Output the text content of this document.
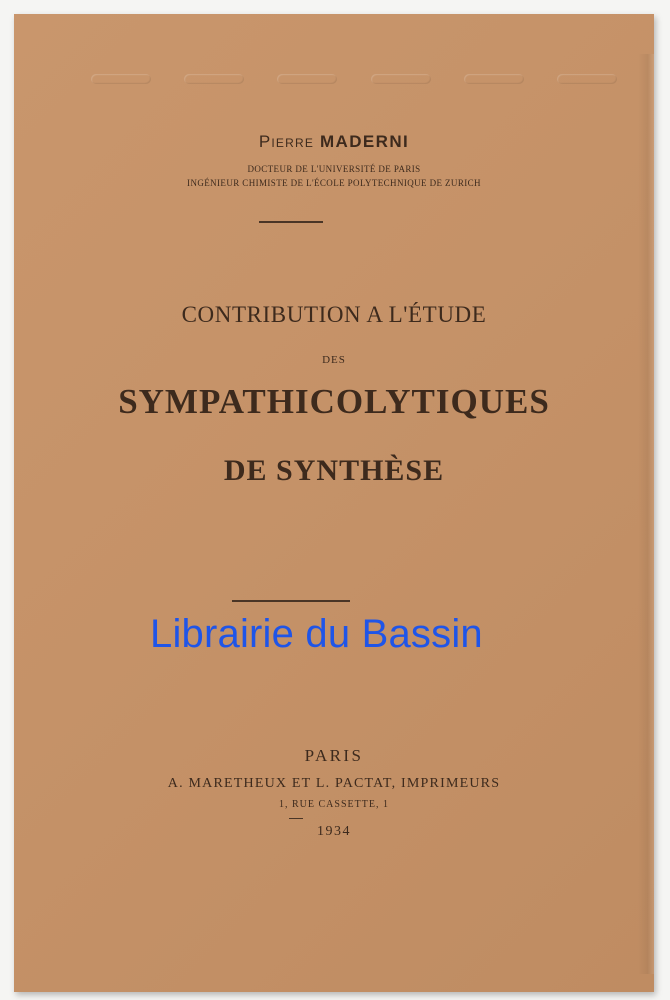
Pierre MADERNI
DOCTEUR DE L'UNIVERSITÉ DE PARIS
INGÉNIEUR CHIMISTE DE L'ÉCOLE POLYTECHNIQUE DE ZURICH
CONTRIBUTION A L'ÉTUDE
DES
SYMPATHICOLYTIQUES
DE SYNTHÈSE
PARIS
A. MARETHEUX ET L. PACTAT, IMPRIMEURS
1, RUE CASSETTE, 1
1934
Librairie du Bassin
